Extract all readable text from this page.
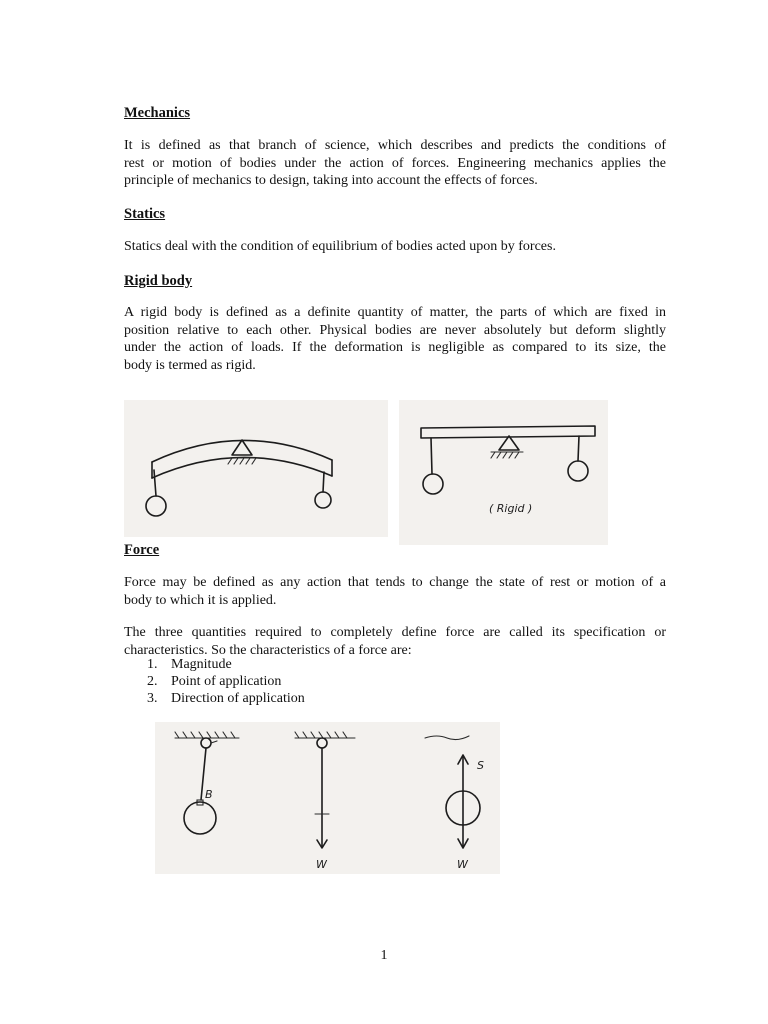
Mechanics

It is defined as that branch of science, which describes and predicts the conditions of
rest or motion of bodies under the action of forces. Engineering mechanics applies the
principle of mechanics to design, taking into account the effects of forces.

Statics

Statics deal with the condition of equilibrium of bodies acted upon by forces.

Rigid body

A rigid body is defined as a definite quantity of matter, the parts of which are fixed in
position relative to each other. Physical bodies are never absolutely but deform slightly
under the action of loads. If the deformation is negligible as compared to its size, the
body is termed as rigid.

( Rigid )
Force

Force may be defined as any action that tends to change the state of rest or motion of a
body to which it is applied.

The three quantities required to completely define force are called its specification or
characteristics. So the characteristics of a force are:

1. Magnitude
2. Point of application
3. Direction of application
B
W
S
W
1
